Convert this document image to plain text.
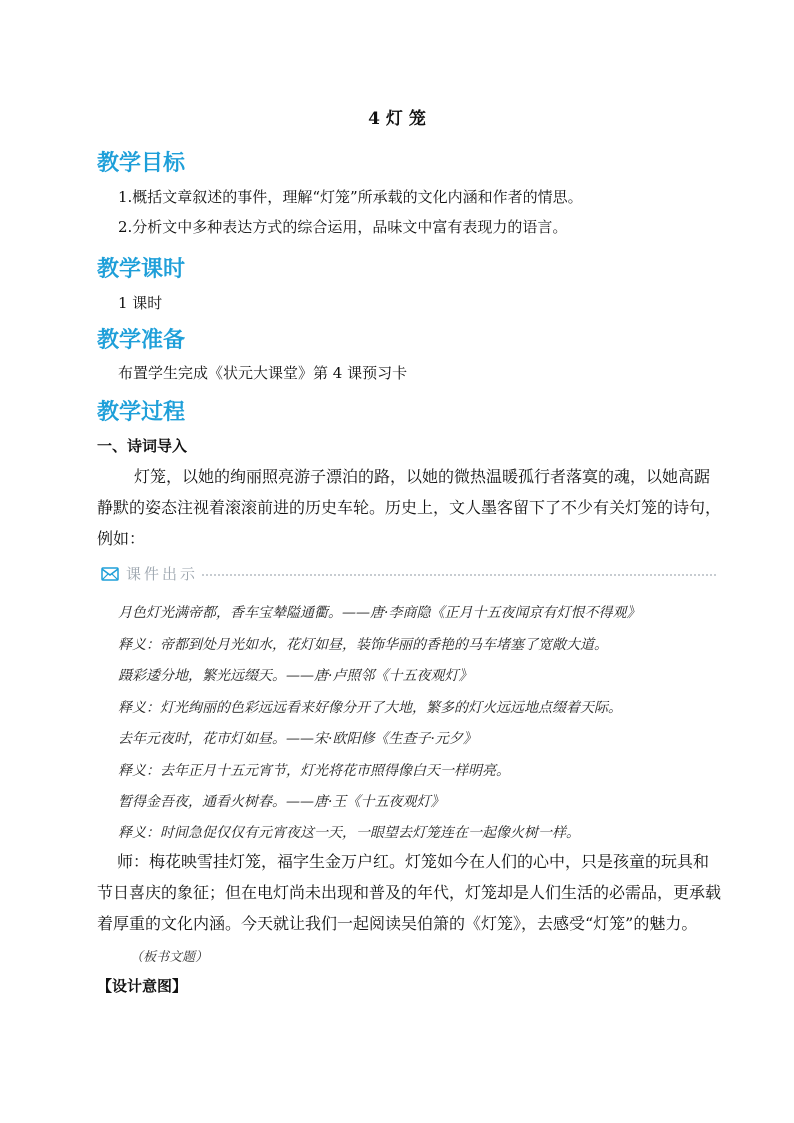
4 灯 笼
教学目标
1.概括文章叙述的事件，理解“灯笼”所承载的文化内涵和作者的情思。
2.分析文中多种表达方式的综合运用，品味文中富有表现力的语言。
教学课时
1 课时
教学准备
布置学生完成《状元大课堂》第 4 课预习卡
教学过程
一、诗词导入
灯笼，以她的绚丽照亮游子漂泊的路，以她的微热温暖孤行者落寞的魂，以她高踞
静默的姿态注视着滚滚前进的历史车轮。历史上，文人墨客留下了不少有关灯笼的诗句，
例如：
课件出示
月色灯光满帝都，香车宝辇隘通衢。——唐·李商隐《正月十五夜闻京有灯恨不得观》
释义：帝都到处月光如水，花灯如昼，装饰华丽的香艳的马车堵塞了宽敞大道。
蹑彩逶分地，繁光远缀天。——唐·卢照邻《十五夜观灯》
释义：灯光绚丽的色彩远远看来好像分开了大地，繁多的灯火远远地点缀着天际。
去年元夜时，花市灯如昼。——宋·欧阳修《生查子·元夕》
释义：去年正月十五元宵节，灯光将花市照得像白天一样明亮。
暂得金吾夜，通看火树春。——唐·王《十五夜观灯》
释义：时间急促仅仅有元宵夜这一天，一眼望去灯笼连在一起像火树一样。
师：梅花映雪挂灯笼，福字生金万户红。灯笼如今在人们的心中，只是孩童的玩具和
节日喜庆的象征；但在电灯尚未出现和普及的年代，灯笼却是人们生活的必需品，更承载
着厚重的文化内涵。今天就让我们一起阅读吴伯箫的《灯笼》，去感受“灯笼”的魅力。
（板书文题）
【设计意图】
